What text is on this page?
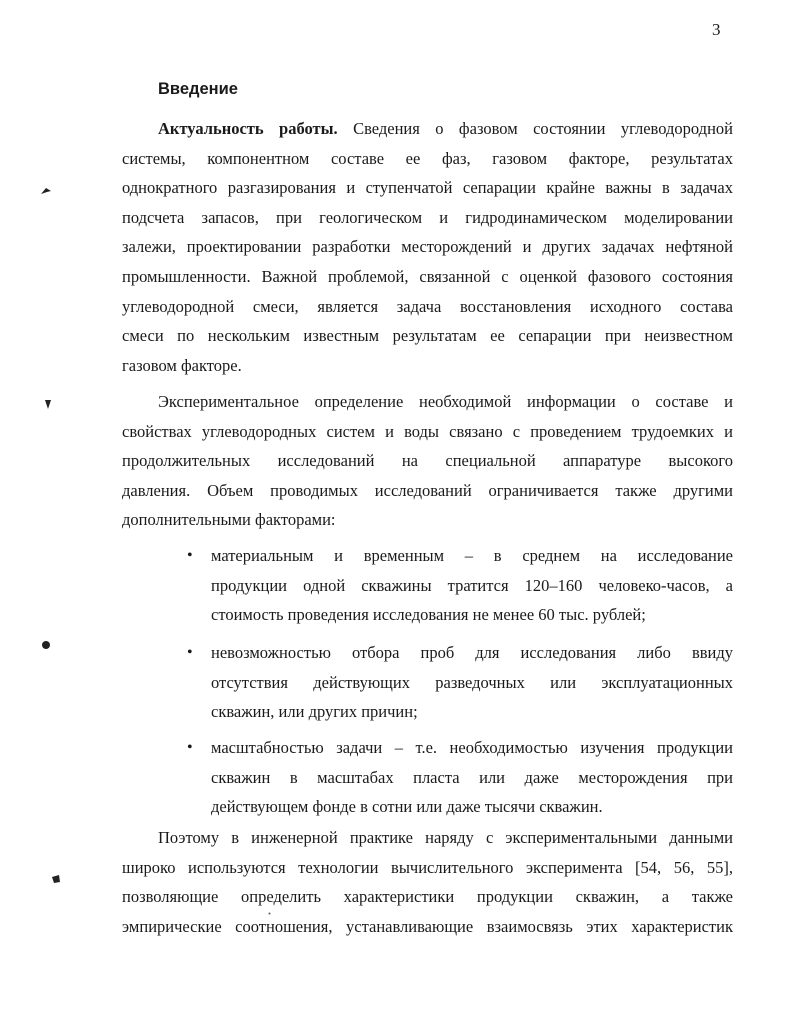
3
Введение
Актуальность работы. Сведения о фазовом состоянии углеводородной
системы, компонентном составе ее фаз, газовом факторе, результатах
однократного разгазирования и ступенчатой сепарации крайне важны в задачах
подсчета запасов, при геологическом и гидродинамическом моделировании
залежи, проектировании разработки месторождений и других задачах нефтяной
промышленности. Важной проблемой, связанной с оценкой фазового состояния
углеводородной смеси, является задача восстановления исходного состава
смеси по нескольким известным результатам ее сепарации при неизвестном
газовом факторе.
Экспериментальное определение необходимой информации о составе и
свойствах углеводородных систем и воды связано с проведением трудоемких и
продолжительных исследований на специальной аппаратуре высокого
давления. Объем проводимых исследований ограничивается также другими
дополнительными факторами:
• материальным и временным – в среднем на исследование
продукции одной скважины тратится 120–160 человеко-часов, а
стоимость проведения исследования не менее 60 тыс. рублей;
• невозможностью отбора проб для исследования либо ввиду
отсутствия действующих разведочных или эксплуатационных
скважин, или других причин;
• масштабностью задачи – т.е. необходимостью изучения продукции
скважин в масштабах пласта или даже месторождения при
действующем фонде в сотни или даже тысячи скважин.
Поэтому в инженерной практике наряду с экспериментальными данными
широко используются технологии вычислительного эксперимента [54, 56, 55],
позволяющие определить характеристики продукции скважин, а также
эмпирические соотношения, устанавливающие взаимосвязь этих характеристик
